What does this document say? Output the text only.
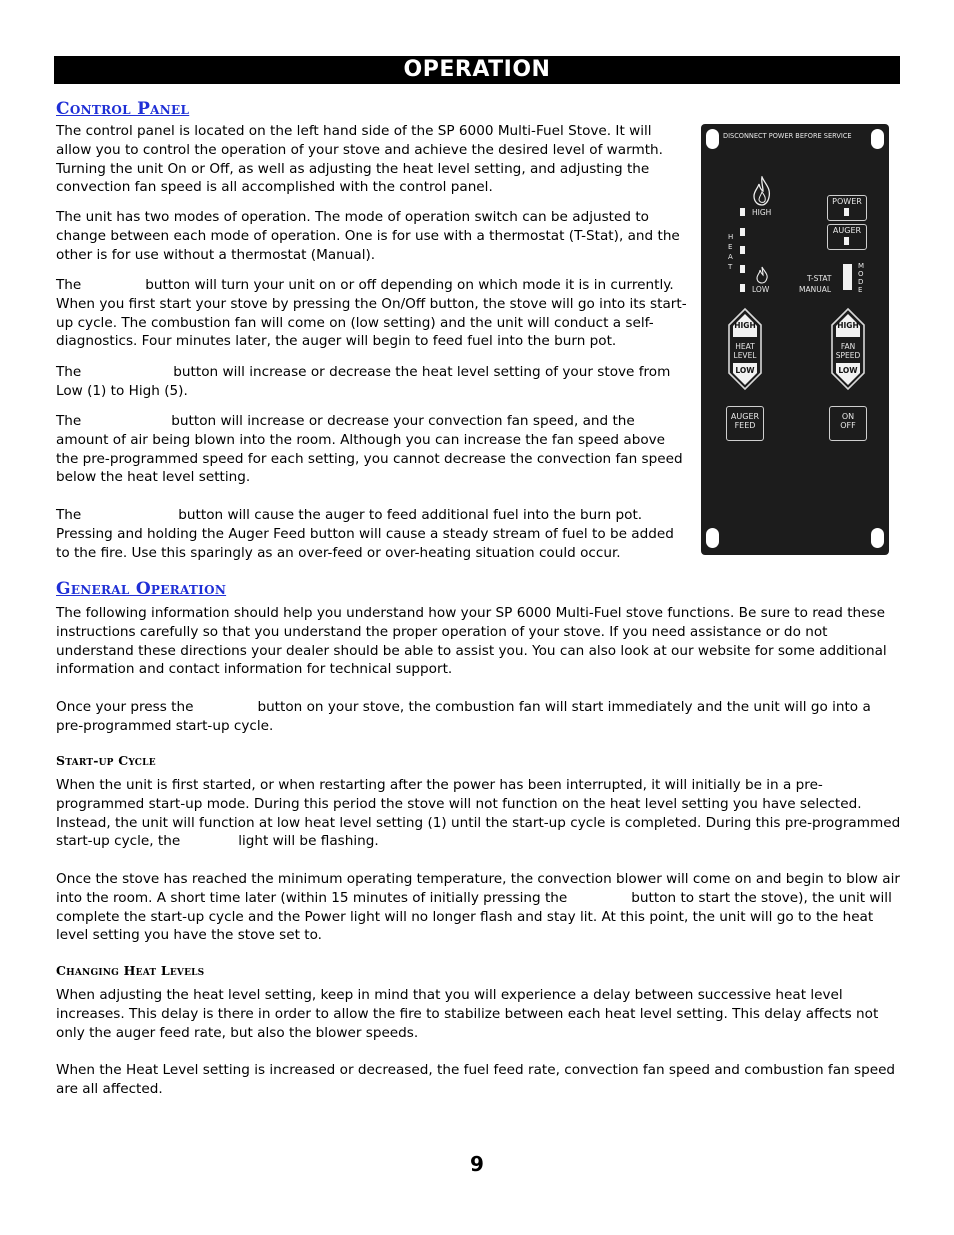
OPERATION
Control Panel

The control panel is located on the left hand side of the SP 6000 Multi-Fuel Stove. It will allow you to control the operation of your stove and achieve the desired level of warmth. Turning the unit On or Off, as well as adjusting the heat level setting, and adjusting the convection fan speed is all accomplished with the control panel.

The unit has two modes of operation. The mode of operation switch can be adjusted to change between each mode of operation. One is for use with a thermostat (T-Stat), and the other is for use without a thermostat (Manual).

The	button will turn your unit on or off depending on which mode it is in currently. When you first start your stove by pressing the On/Off button, the stove will go into its start-up cycle. The combustion fan will come on (low setting) and the unit will conduct a self-diagnostics. Four minutes later, the auger will begin to feed fuel into the burn pot.

The	button will increase or decrease the heat level setting of your stove from Low (1) to High (5).

The	button will increase or decrease your convection fan speed, and the amount of air being blown into the room. Although you can increase the fan speed above the pre-programmed speed for each setting, you cannot decrease the convection fan speed below the heat level setting.

The	button will cause the auger to feed additional fuel into the burn pot. Pressing and holding the Auger Feed button will cause a steady stream of fuel to be added to the fire. Use this sparingly as an over-feed or over-heating situation could occur.

General Operation

The following information should help you understand how your SP 6000 Multi-Fuel stove functions. Be sure to read these instructions carefully so that you understand the proper operation of your stove. If you need assistance or do not understand these directions your dealer should be able to assist you. You can also look at our website for some additional information and contact information for technical support.

Once your press the	button on your stove, the combustion fan will start immediately and the unit will go into a pre-programmed start-up cycle.

Start-up Cycle

When the unit is first started, or when restarting after the power has been interrupted, it will initially be in a pre-programmed start-up mode. During this period the stove will not function on the heat level setting you have selected. Instead, the unit will function at low heat level setting (1) until the start-up cycle is completed. During this pre-programmed start-up cycle, the	light will be flashing.

Once the stove has reached the minimum operating temperature, the convection blower will come on and begin to blow air into the room. A short time later (within 15 minutes of initially pressing the	button to start the stove), the unit will complete the start-up cycle and the Power light will no longer flash and stay lit. At this point, the unit will go to the heat level setting you have the stove set to.

Changing Heat Levels

When adjusting the heat level setting, keep in mind that you will experience a delay between successive heat level increases. This delay is there in order to allow the fire to stabilize between each heat level setting. This delay affects not only the auger feed rate, but also the blower speeds.

When the Heat Level setting is increased or decreased, the fuel feed rate, convection fan speed and combustion fan speed are all affected.

9
DISCONNECT POWER BEFORE SERVICE
HIGH
LOW
H E A T
POWER
AUGER
T-STAT
MANUAL
M O D E
HIGH
HEAT
LEVEL
LOW
HIGH
FAN
SPEED
LOW
AUGER
FEED
ON
OFF
